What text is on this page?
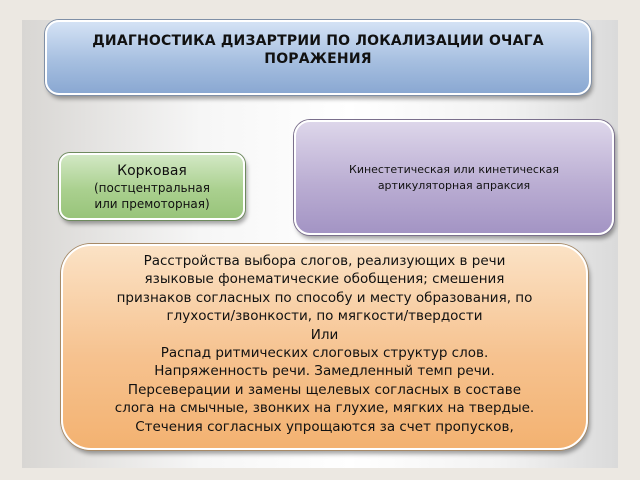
ДИАГНОСТИКА ДИЗАРТРИИ ПО ЛОКАЛИЗАЦИИ ОЧАГА
ПОРАЖЕНИЯ
Кинестетическая или кинетическая
артикуляторная апраксия
Корковая
(постцентральная
или премоторная)
Расстройства выбора слогов, реализующих в речи
языковые фонематические обобщения; смешения
признаков согласных по способу и месту образования, по
глухости/звонкости, по мягкости/твердости
Или
Распад ритмических слоговых структур слов.
Напряженность речи. Замедленный темп речи.
Персеверации и замены щелевых согласных в составе
слога на смычные, звонких на глухие, мягких на твердые.
Стечения согласных упрощаются за счет пропусков,
